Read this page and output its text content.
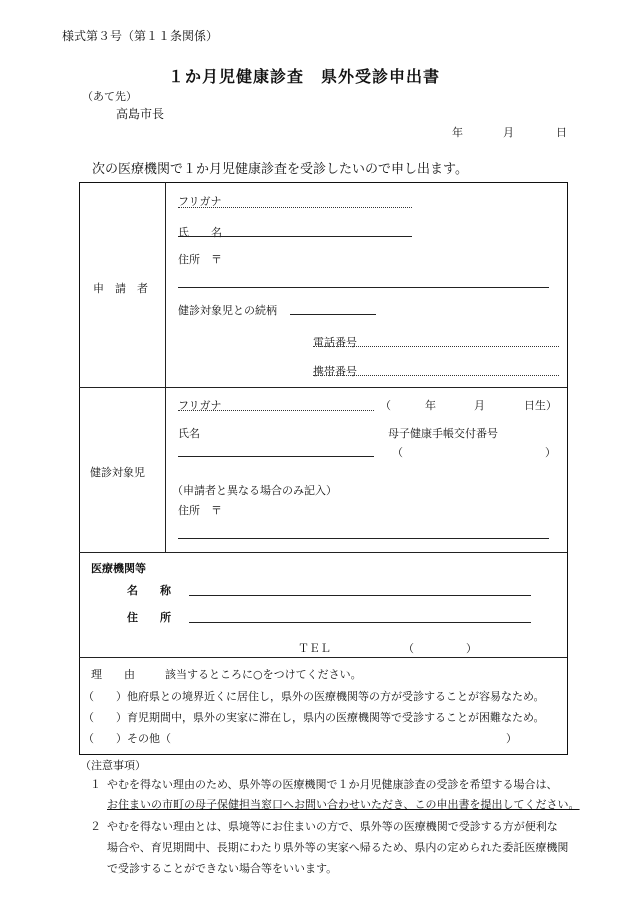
様式第３号（第１１条関係）
１か月児健康診査　県外受診申出書
（あて先）
高島市長
年	月	日
次の医療機関で１か月児健康診査を受診したいので申し出ます。
申　請　者
フリガナ
氏　　名
住所　〒
健診対象児との続柄
電話番号
携帯番号
健診対象児
フリガナ	（	年	月	日生）
氏名	母子健康手帳交付番号
（	）
（申請者と異なる場合のみ記入）
住所　〒
医療機関等
名　　称
住　　所
ＴＥＬ	（	）
理　　由	該当するところに○をつけてください。
（　　）他府県との境界近くに居住し，県外の医療機関等の方が受診することが容易なため。
（　　）育児期間中，県外の実家に滞在し，県内の医療機関等で受診することが困難なため。
（　　）その他（	）
（注意事項）
１ やむを得ない理由のため、県外等の医療機関で１か月児健康診査の受診を希望する場合は、
お住まいの市町の母子保健担当窓口へお問い合わせいただき、この申出書を提出してください。
２ やむを得ない理由とは、県境等にお住まいの方で、県外等の医療機関で受診する方が便利な
場合や、育児期間中、長期にわたり県外等の実家へ帰るため、県内の定められた委託医療機関
で受診することができない場合等をいいます。
